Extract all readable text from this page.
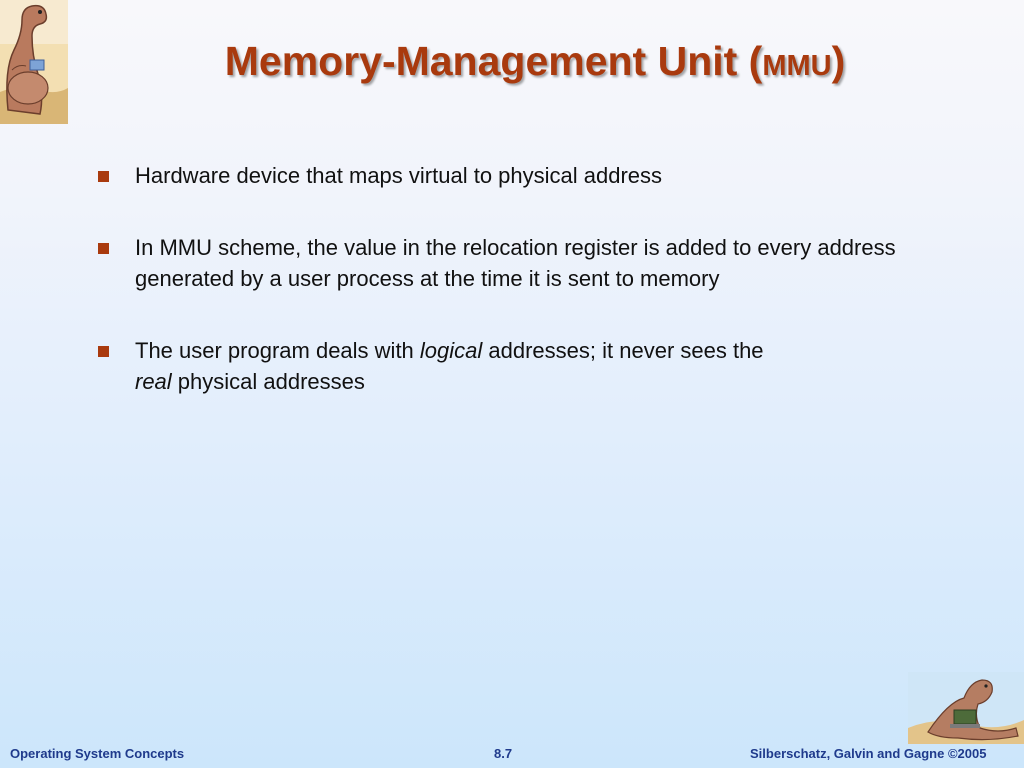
Memory-Management Unit (MMU)
Hardware device that maps virtual to physical address
In MMU scheme, the value in the relocation register is added to every address generated by a user process at the time it is sent to memory
The user program deals with logical addresses; it never sees the
real physical addresses
Operating System Concepts	8.7	Silberschatz, Galvin and Gagne ©2005
